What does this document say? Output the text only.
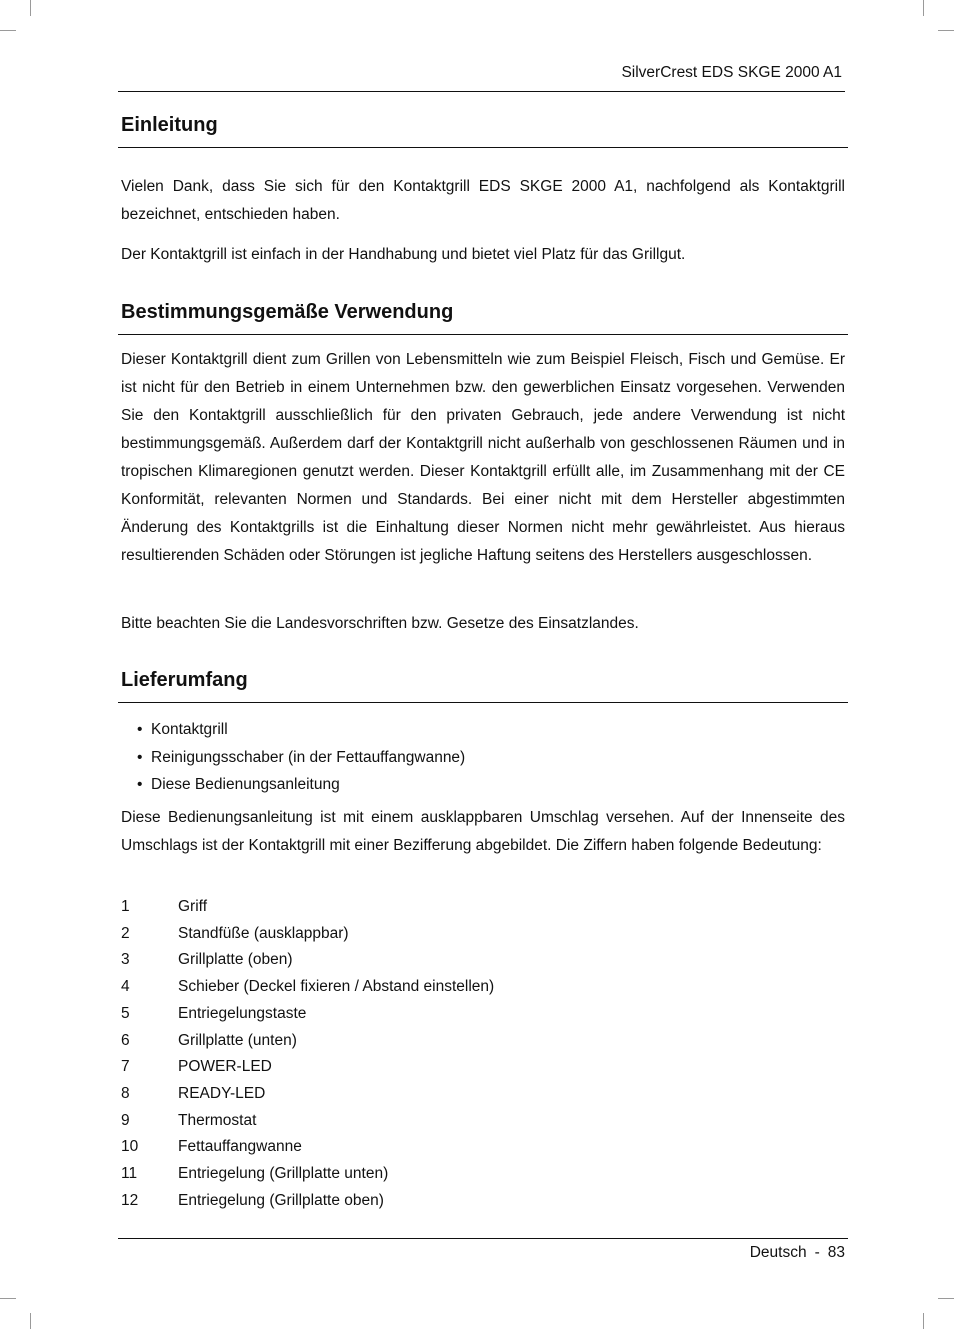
SilverCrest EDS SKGE 2000 A1
Einleitung

Vielen Dank, dass Sie sich für den Kontaktgrill EDS SKGE 2000 A1, nachfolgend als Kontaktgrill bezeichnet, entschieden haben.

Der Kontaktgrill ist einfach in der Handhabung und bietet viel Platz für das Grillgut.

Bestimmungsgemäße Verwendung

Dieser Kontaktgrill dient zum Grillen von Lebensmitteln wie zum Beispiel Fleisch, Fisch und Gemüse. Er ist nicht für den Betrieb in einem Unternehmen bzw. den gewerblichen Einsatz vorgesehen. Verwenden Sie den Kontaktgrill ausschließlich für den privaten Gebrauch, jede andere Verwendung ist nicht bestimmungsgemäß. Außerdem darf der Kontaktgrill nicht außerhalb von geschlossenen Räumen und in tropischen Klimaregionen genutzt werden. Dieser Kontaktgrill erfüllt alle, im Zusammenhang mit der CE Konformität, relevanten Normen und Standards. Bei einer nicht mit dem Hersteller abgestimmten Änderung des Kontaktgrills ist die Einhaltung dieser Normen nicht mehr gewährleistet. Aus hieraus resultierenden Schäden oder Störungen ist jegliche Haftung seitens des Herstellers ausgeschlossen.

Bitte beachten Sie die Landesvorschriften bzw. Gesetze des Einsatzlandes.

Lieferumfang
• Kontaktgrill
• Reinigungsschaber (in der Fettauffangwanne)
• Diese Bedienungsanleitung

Diese Bedienungsanleitung ist mit einem ausklappbaren Umschlag versehen. Auf der Innenseite des Umschlags ist der Kontaktgrill mit einer Bezifferung abgebildet. Die Ziffern haben folgende Bedeutung:

1	Griff
2	Standfüße (ausklappbar)
3	Grillplatte (oben)
4	Schieber (Deckel fixieren / Abstand einstellen)
5	Entriegelungstaste
6	Grillplatte (unten)
7	POWER-LED
8	READY-LED
9	Thermostat
10	Fettauffangwanne
11	Entriegelung (Grillplatte unten)
12	Entriegelung (Grillplatte oben)
Deutsch - 83
